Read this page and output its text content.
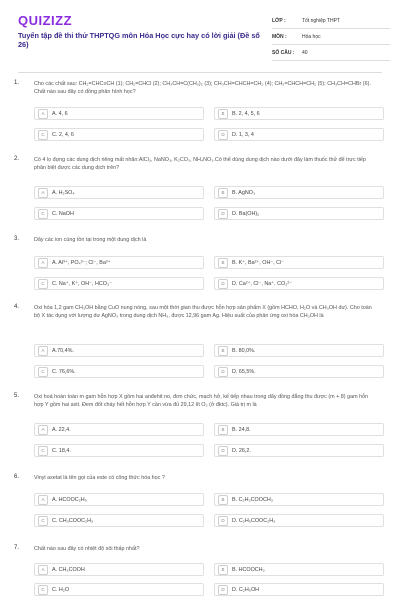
QUIZIZZ
Tuyển tập đề thi thử THPTQG môn Hóa Học cực hay có lời giải (Đề số 26)
LỚP :	Tốt nghiệp THPT
MÔN :	Hóa học
SỐ CÂU :	40
1.	Cho các chất sau: CH₂=CHC≡CH (1); CH₂=CHCl (2); CH₃CH=C(CH₃)₂ (3); CH₃CH=CHCH=CH₂ (4); CH₂=CHCH=CH₂ (5); CH₃CH=CHBr (6). Chất nào sau đây có đồng phân hình học?
A	A. 4, 6	B	B. 2, 4, 5, 6
C	C. 2, 4, 6	D	D. 1, 3, 4
2.	Có 4 lọ đựng các dung dịch riêng mất nhãn:AlCl₃, NaNO₃, K₂CO₃, NH₄NO₃.Có thể dùng dung dịch nào dưới đây làm thuốc thử để trực tiếp phân biệt được các dung dịch trên?
A	A. H₂SO₄	B	B. AgNO₃
C	C. NaOH	D	D. Ba(OH)₂
3.	Dãy các ion cùng tồn tại trong một dung dịch là
A	A. Al³⁺, PO₄³⁻; Cl⁻, Ba²⁺	B	B. K⁺, Ba²⁺, OH⁻, Cl⁻
C	C. Na⁺, K⁺, OH⁻, HCO₃⁻	D	D. Ca²⁺, Cl⁻, Na⁺, CO₃²⁻
4.	Oxi hóa 1,2 gam CH₃OH bằng CuO nung nóng, sau một thời gian thu được hỗn hợp sản phẩm X (gồm HCHO, H₂O và CH₃OH dư). Cho toàn bộ X tác dụng với lượng dư AgNO₃ trong dung dịch NH₃, được 12,96 gam Ag. Hiệu suất của phản ứng oxi hóa CH₃OH là
A	A.70,4%.	B	B. 80,0%.
C	C. 76,6%.	D	D. 65,5%.
5.	Oxi hoá hoàn toàn m gam hỗn hợp X gồm hai anđehit no, đơn chức, mạch hở, kế tiếp nhau trong dãy đồng đẳng thu được (m + 8) gam hỗn hợp Y gồm hai axit. Đem đốt cháy hết hỗn hợp Y cần vừa đủ 29,12 lít O₂ (ở đktc). Giá trị m là
A	A. 22,4.	B	B. 24,8.
C	C. 18,4.	D	D. 26,2.
6.	Vinyl axetat là tên gọi của este có công thức hóa học ?
A	A. HCOOC₂H₅	B	B. C₂H₃COOCH₃
C	C. CH₃COOC₂H₃	D	D. C₂H₅COOC₂H₃
7.	Chất nào sau đây có nhiệt độ sôi thấp nhất?
A	A. CH₃COOH	B	B. HCOOCH₃
C	C. H₂O	D	D. C₂H₅OH
